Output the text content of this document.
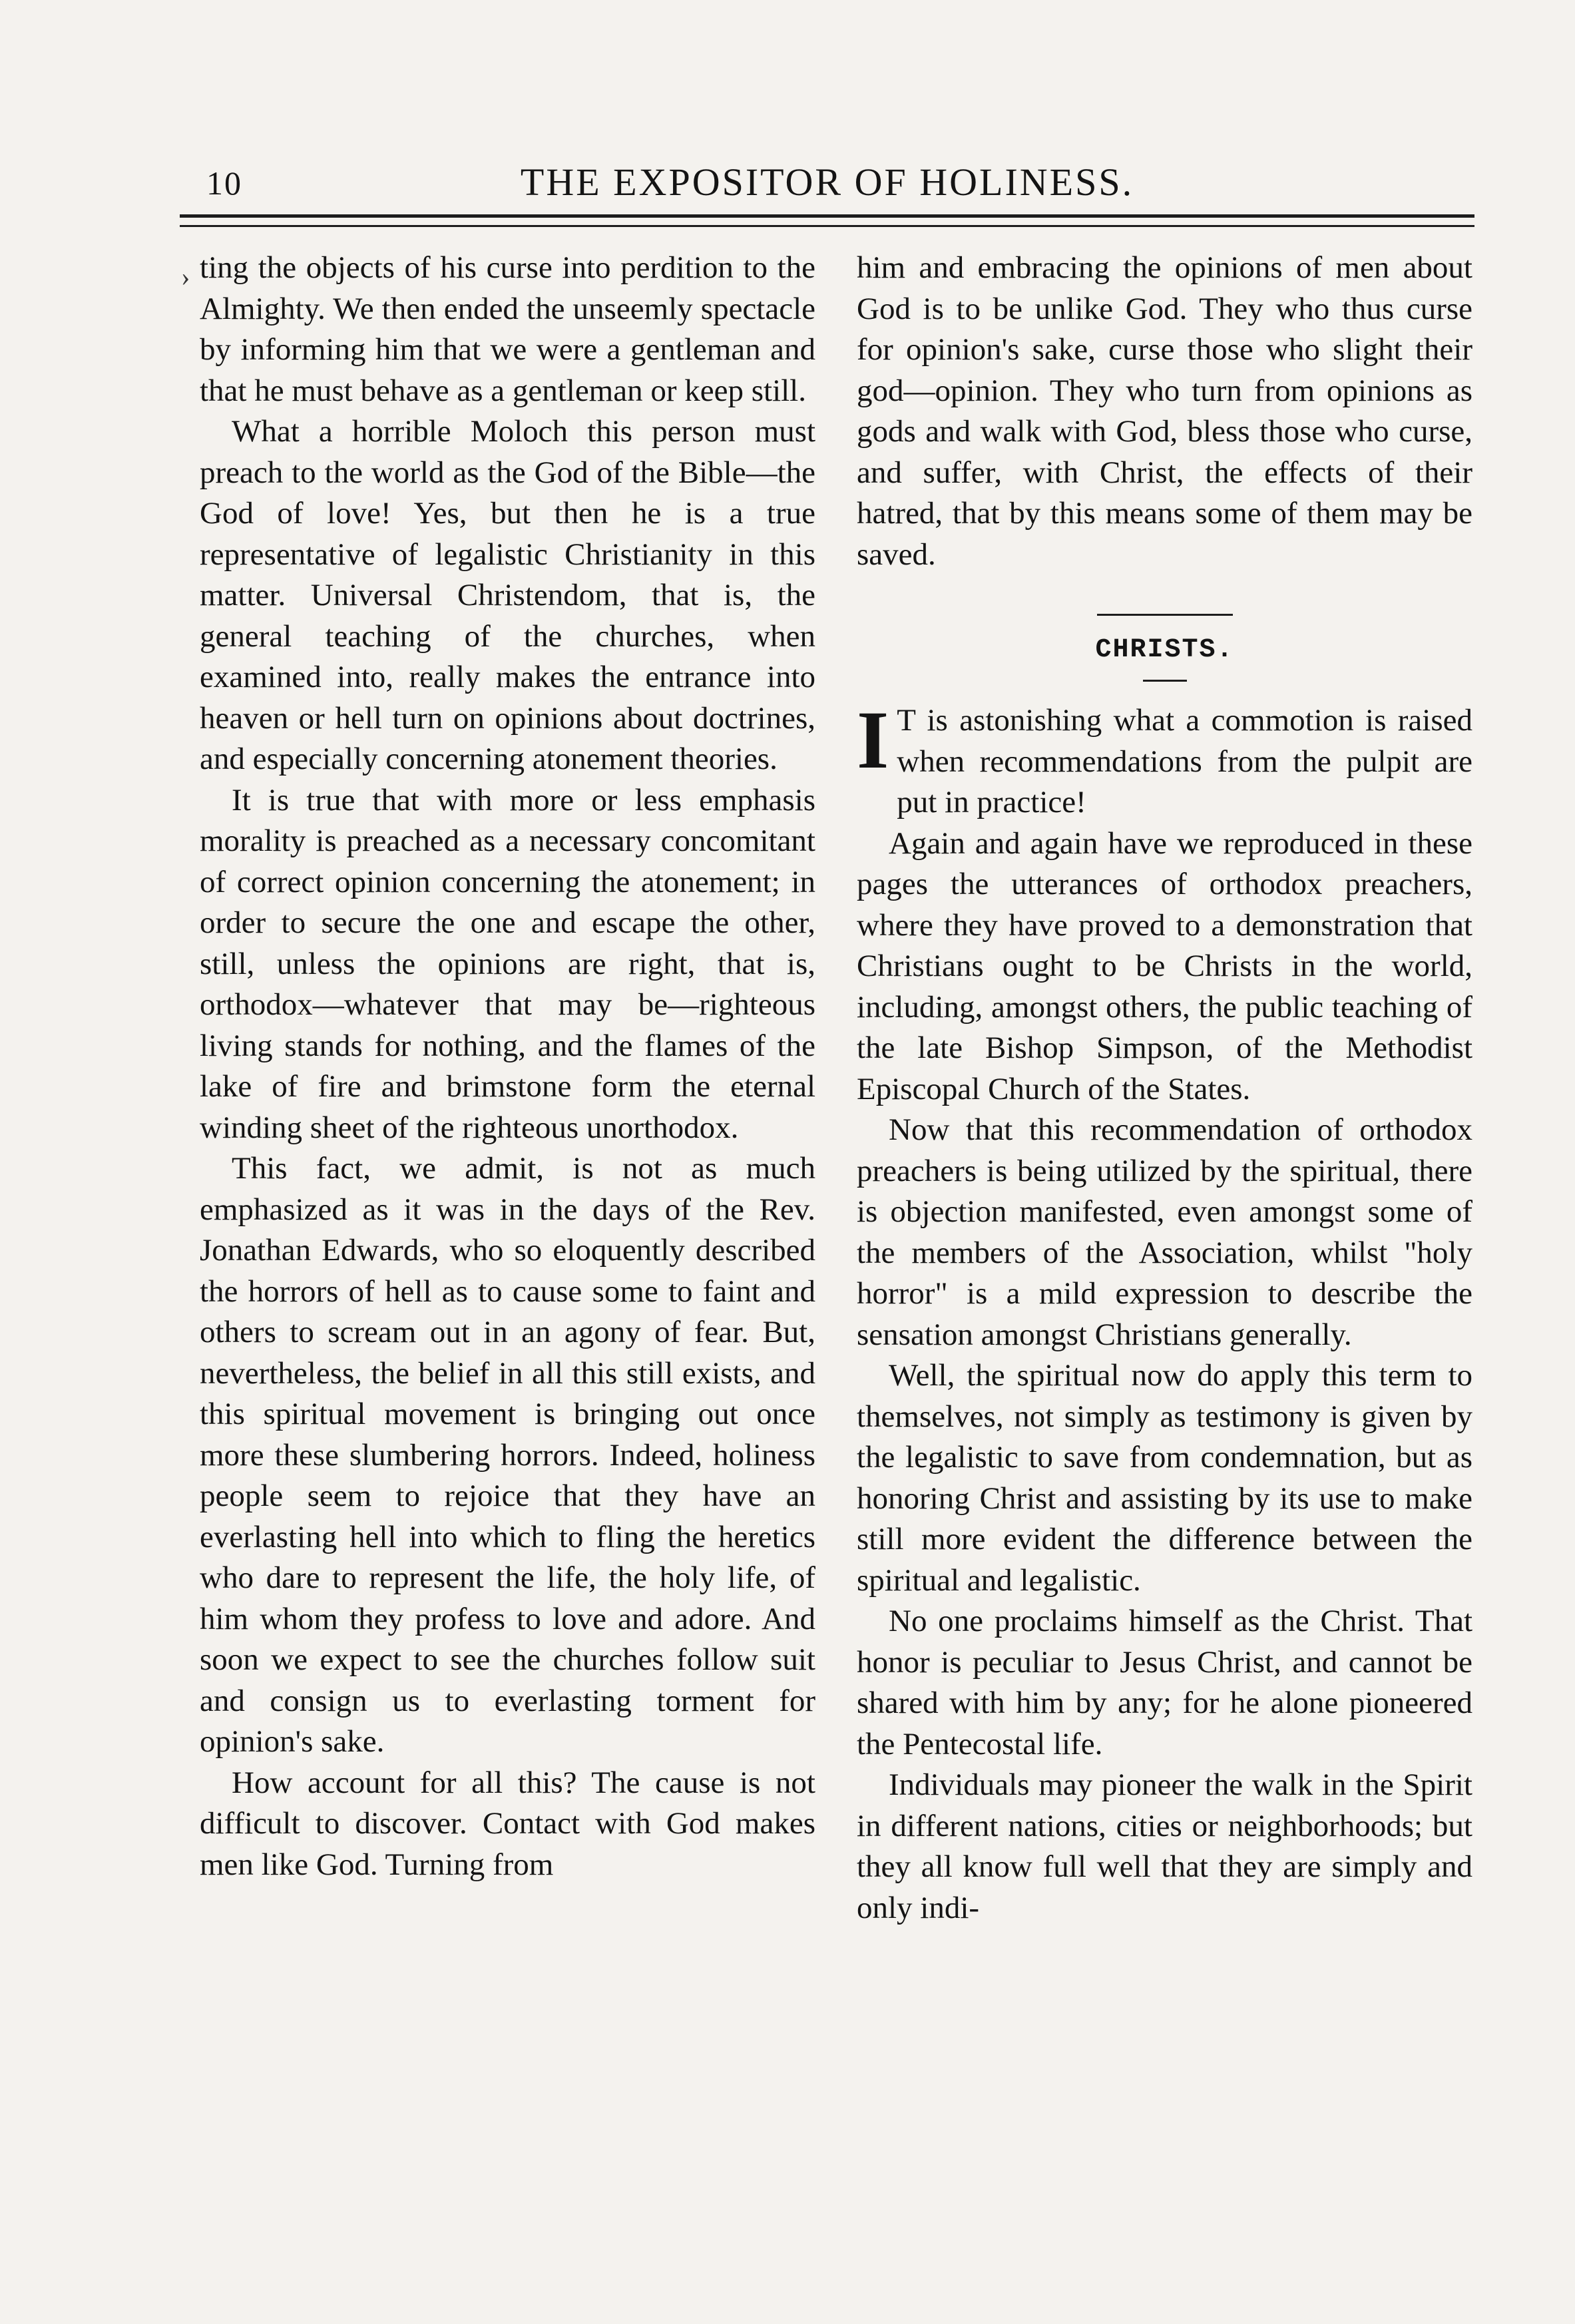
10	THE EXPOSITOR OF HOLINESS.
› ting the objects of his curse into perdition to the Almighty. We then ended the unseemly spectacle by informing him that we were a gentleman and that he must behave as a gentleman or keep still.

What a horrible Moloch this person must preach to the world as the God of the Bible—the God of love! Yes, but then he is a true representative of legalistic Christianity in this matter. Universal Christendom, that is, the general teaching of the churches, when examined into, really makes the entrance into heaven or hell turn on opinions about doctrines, and especially concerning atonement theories.

It is true that with more or less emphasis morality is preached as a necessary concomitant of correct opinion concerning the atonement; in order to secure the one and escape the other, still, unless the opinions are right, that is, orthodox—whatever that may be—righteous living stands for nothing, and the flames of the lake of fire and brimstone form the eternal winding sheet of the righteous unorthodox.

This fact, we admit, is not as much emphasized as it was in the days of the Rev. Jonathan Edwards, who so eloquently described the horrors of hell as to cause some to faint and others to scream out in an agony of fear. But, nevertheless, the belief in all this still exists, and this spiritual movement is bringing out once more these slumbering horrors. Indeed, holiness people seem to rejoice that they have an everlasting hell into which to fling the heretics who dare to represent the life, the holy life, of him whom they profess to love and adore. And soon we expect to see the churches follow suit and consign us to everlasting torment for opinion's sake.

How account for all this? The cause is not difficult to discover. Contact with God makes men like God. Turning from

him and embracing the opinions of men about God is to be unlike God. They who thus curse for opinion's sake, curse those who slight their god—opinion. They who turn from opinions as gods and walk with God, bless those who curse, and suffer, with Christ, the effects of their hatred, that by this means some of them may be saved.

CHRISTS.

I T is astonishing what a commotion is raised when recommendations from the pulpit are put in practice!

Again and again have we reproduced in these pages the utterances of orthodox preachers, where they have proved to a demonstration that Christians ought to be Christs in the world, including, amongst others, the public teaching of the late Bishop Simpson, of the Methodist Episcopal Church of the States.

Now that this recommendation of orthodox preachers is being utilized by the spiritual, there is objection manifested, even amongst some of the members of the Association, whilst "holy horror" is a mild expression to describe the sensation amongst Christians generally.

Well, the spiritual now do apply this term to themselves, not simply as testimony is given by the legalistic to save from condemnation, but as honoring Christ and assisting by its use to make still more evident the difference between the spiritual and legalistic.

No one proclaims himself as the Christ. That honor is peculiar to Jesus Christ, and cannot be shared with him by any; for he alone pioneered the Pentecostal life.

Individuals may pioneer the walk in the Spirit in different nations, cities or neighborhoods; but they all know full well that they are simply and only indi-
